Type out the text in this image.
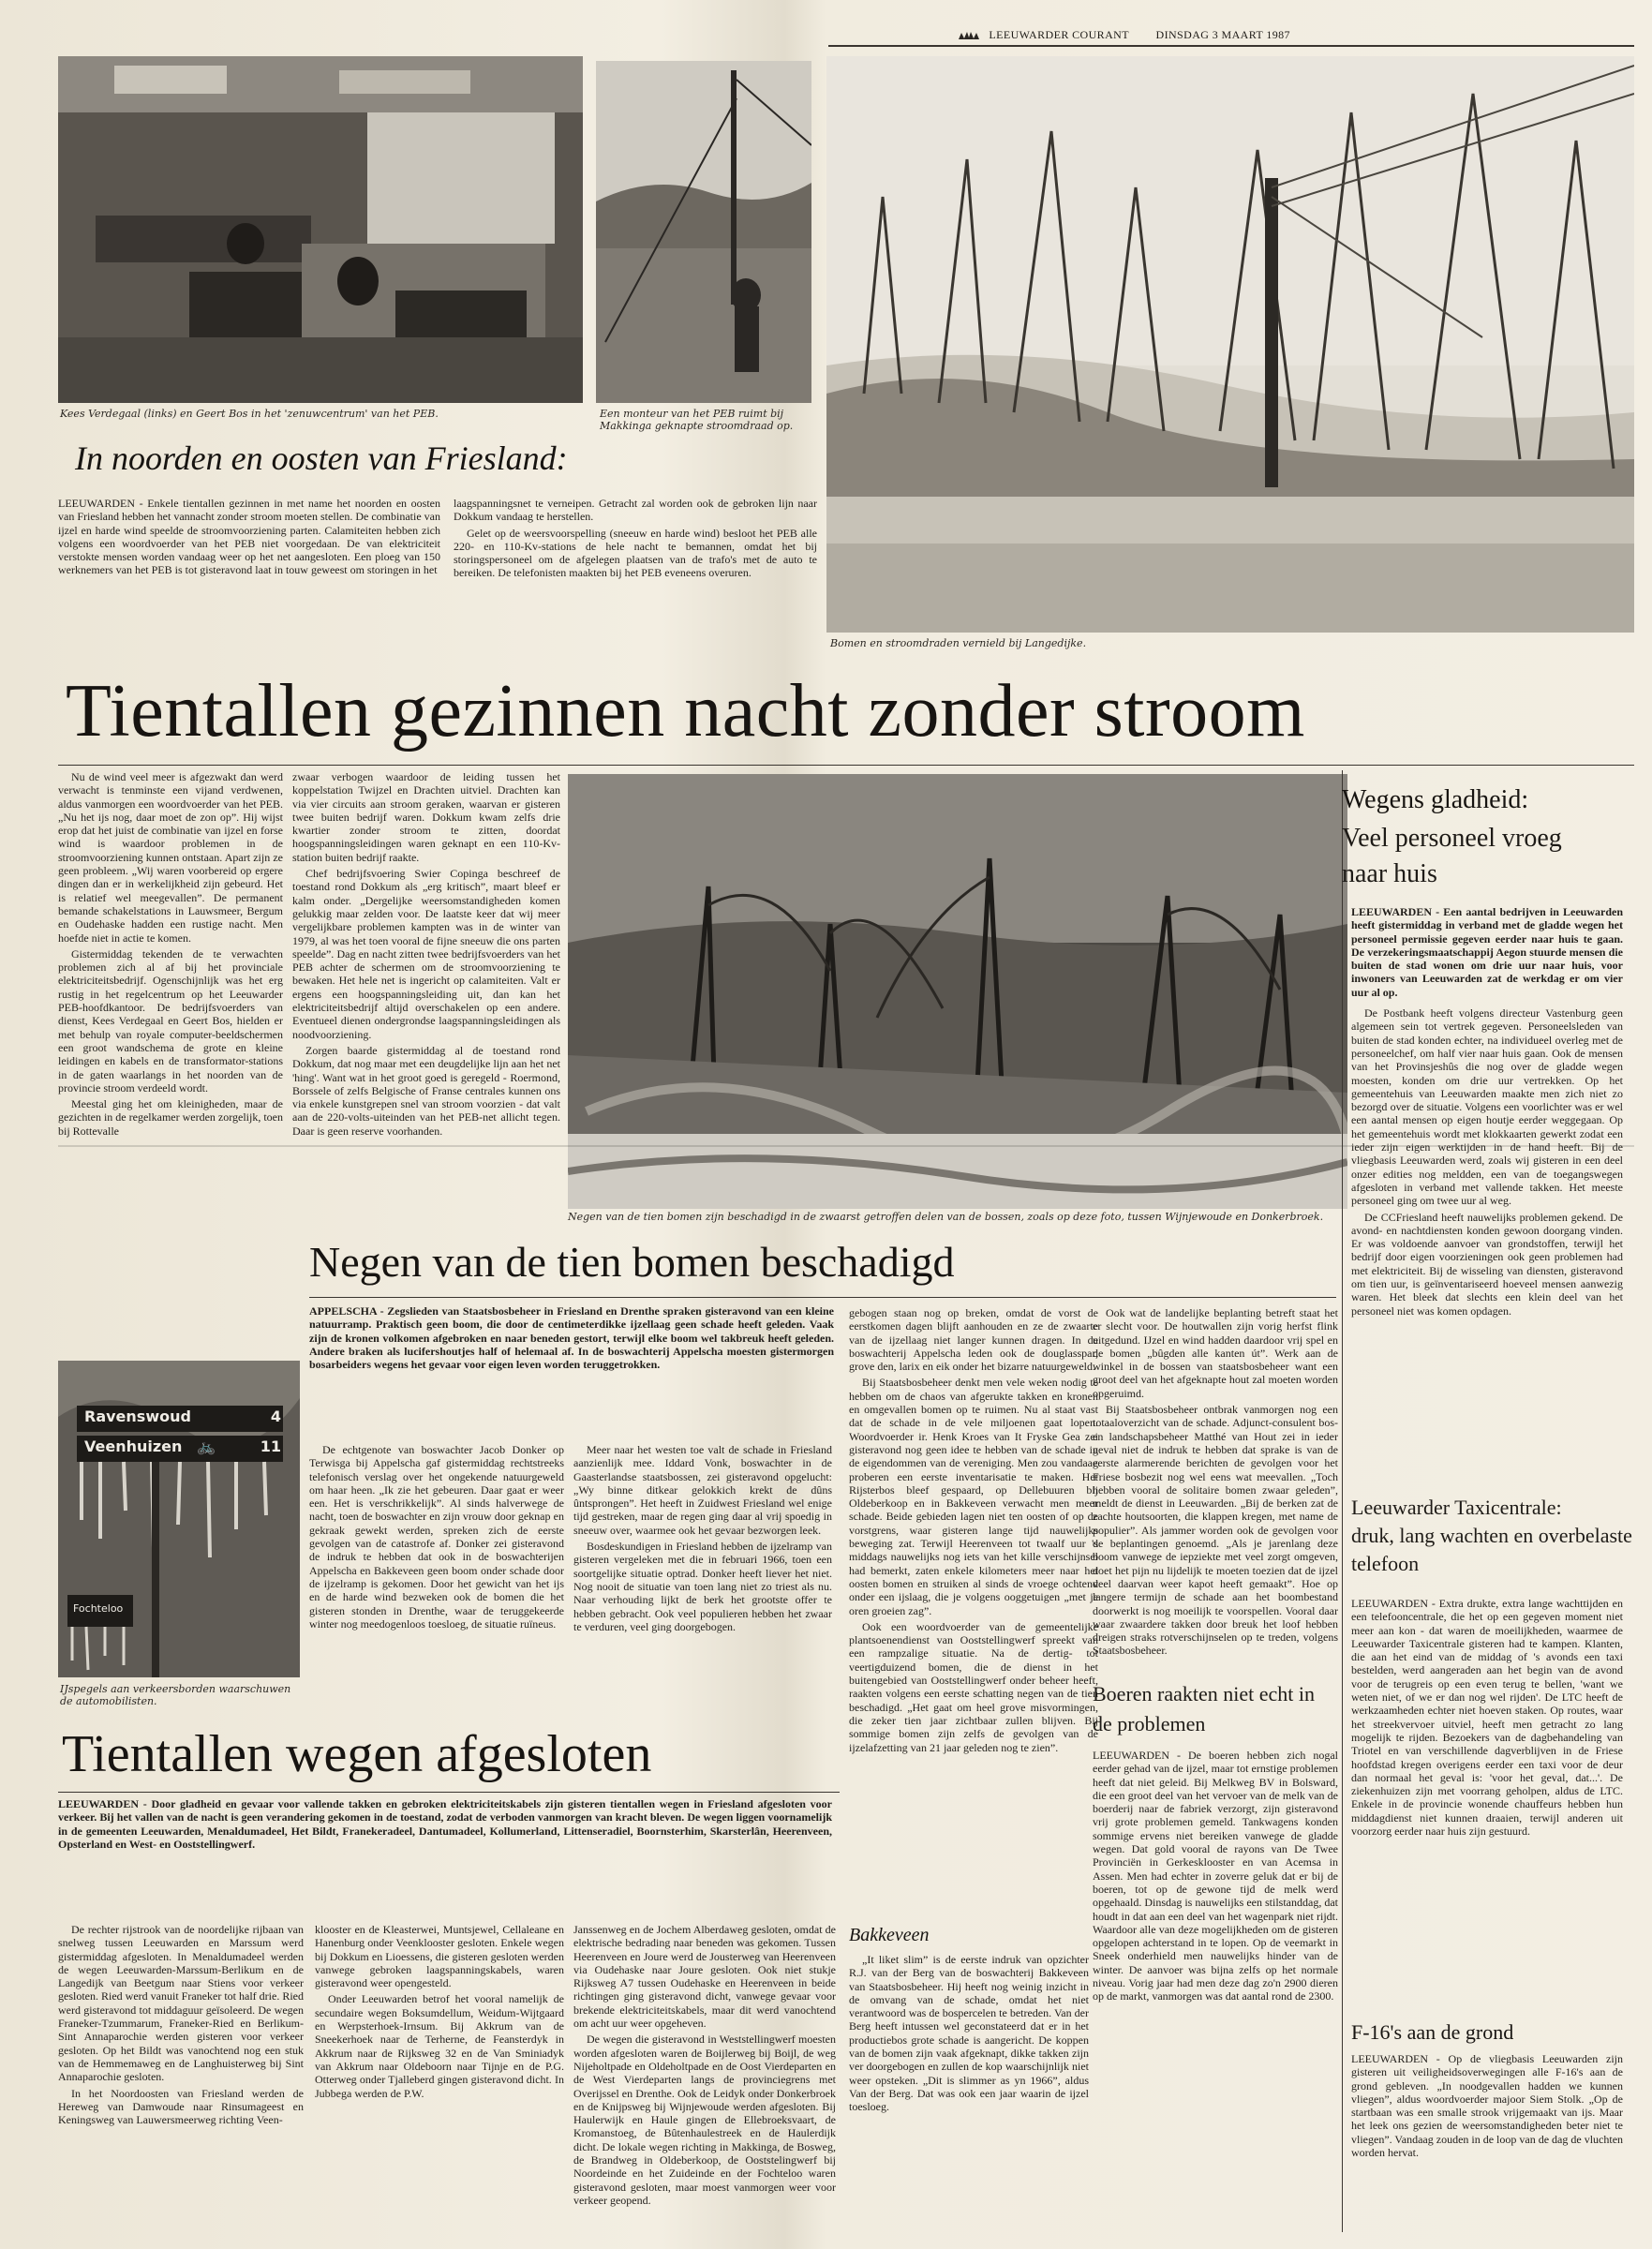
LEEUWARDER COURANT DINSDAG 3 MAART 1987
Kees Verdegaal (links) en Geert Bos in het 'zenuwcentrum' van het PEB.	Een monteur van het PEB ruimt bij Makkinga geknapte stroomdraad op.
Bomen en stroomdraden vernield bij Langedijke.
In noorden en oosten van Friesland:

LEEUWARDEN - Enkele tientallen gezinnen in met name het noorden en oosten van Friesland hebben het vannacht zonder stroom moeten stellen. De combinatie van ijzel en harde wind speelde de stroomvoorziening parten. Calamiteiten hebben zich volgens een woordvoerder van het PEB niet voorgedaan. De van elektriciteit verstokte mensen worden vandaag weer op het net aangesloten. Een ploeg van 150 werknemers van het PEB is tot gisteravond laat in touw geweest om storingen in het

laagspanningsnet te verneipen. Getracht zal worden ook de gebroken lijn naar Dokkum vandaag te herstellen.

Gelet op de weersvoorspelling (sneeuw en harde wind) besloot het PEB alle 220- en 110-Kv-stations de hele nacht te bemannen, omdat het bij storingspersoneel om de afgelegen plaatsen van de trafo's met de auto te bereiken. De telefonisten maakten bij het PEB eveneens overuren.

Tientallen gezinnen nacht zonder stroom

Nu de wind veel meer is afgezwakt dan werd verwacht is tenminste een vijand verdwenen, aldus vanmorgen een woordvoerder van het PEB. „Nu het ijs nog, daar moet de zon op”. Hij wijst erop dat het juist de combinatie van ijzel en forse wind is waardoor problemen in de stroomvoorziening kunnen ontstaan. Apart zijn ze geen probleem. „Wij waren voorbereid op ergere dingen dan er in werkelijkheid zijn gebeurd. Het is relatief wel meegevallen”. De permanent bemande schakelstations in Lauwsmeer, Bergum en Oudehaske hadden een rustige nacht. Men hoefde niet in actie te komen.

Gistermiddag tekenden de te verwachten problemen zich al af bij het provinciale elektriciteitsbedrijf. Ogenschijnlijk was het erg rustig in het regelcentrum op het Leeuwarder PEB-hoofdkantoor. De bedrijfsvoerders van dienst, Kees Verdegaal en Geert Bos, hielden er met behulp van royale computer-beeldschermen een groot wandschema de grote en kleine leidingen en kabels en de transformator-stations in de gaten waarlangs in het noorden van de provincie stroom verdeeld wordt.

Meestal ging het om kleinigheden, maar de gezichten in de regelkamer werden zorgelijk, toen bij Rottevalle

zwaar verbogen waardoor de leiding tussen het koppelstation Twijzel en Drachten uitviel. Drachten kan via vier circuits aan stroom geraken, waarvan er gisteren twee buiten bedrijf waren. Dokkum kwam zelfs drie kwartier zonder stroom te zitten, doordat hoogspanningsleidingen waren geknapt en een 110-Kv-station buiten bedrijf raakte.

Chef bedrijfsvoering Swier Copinga beschreef de toestand rond Dokkum als „erg kritisch”, maart bleef er kalm onder. „Dergelijke weersomstandigheden komen gelukkig maar zelden voor. De laatste keer dat wij meer vergelijkbare problemen kampten was in de winter van 1979, al was het toen vooral de fijne sneeuw die ons parten speelde”. Dag en nacht zitten twee bedrijfsvoerders van het PEB achter de schermen om de stroomvoorziening te bewaken. Het hele net is ingericht op calamiteiten. Valt er ergens een hoogspanningsleiding uit, dan kan het elektriciteitsbedrijf altijd overschakelen op een andere. Eventueel dienen ondergrondse laagspanningsleidingen als noodvoorziening.

Zorgen baarde gistermiddag al de toestand rond Dokkum, dat nog maar met een deugdelijke lijn aan het net 'hing'. Want wat in het groot goed is geregeld - Roermond, Borssele of zelfs Belgische of Franse centrales kunnen ons via enkele kunstgrepen snel van stroom voorzien - dat valt aan de 220-volts-uiteinden van het PEB-net allicht tegen. Daar is geen reserve voorhanden.

Negen van de tien bomen zijn beschadigd in de zwaarst getroffen delen van de bossen, zoals op deze foto, tussen Wijnjewoude en Donkerbroek.
Wegens gladheid:
Veel personeel vroeg naar huis

LEEUWARDEN - Een aantal bedrijven in Leeuwarden heeft gistermiddag in verband met de gladde wegen het personeel permissie gegeven eerder naar huis te gaan. De verzekeringsmaatschappij Aegon stuurde mensen die buiten de stad wonen om drie uur naar huis, voor inwoners van Leeuwarden zat de werkdag er om vier uur al op.

De Postbank heeft volgens directeur Vastenburg geen algemeen sein tot vertrek gegeven. Personeelsleden van buiten de stad konden echter, na individueel overleg met de personeelchef, om half vier naar huis gaan. Ook de mensen van het Provinsjeshûs die nog over de gladde wegen moesten, konden om drie uur vertrekken. Op het gemeentehuis van Leeuwarden maakte men zich niet zo bezorgd over de situatie. Volgens een voorlichter was er wel een aantal mensen op eigen houtje eerder weggegaan. Op het gemeentehuis wordt met klokkaarten gewerkt zodat een ieder zijn eigen werktijden in de hand heeft. Bij de vliegbasis Leeuwarden werd, zoals wij gisteren in een deel onzer edities nog meldden, een van de toegangswegen afgesloten in verband met vallende takken. Het meeste personeel ging om twee uur al weg.

De CCFriesland heeft nauwelijks problemen gekend. De avond- en nachtdiensten konden gewoon doorgang vinden. Er was voldoende aanvoer van grondstoffen, terwijl het bedrijf door eigen voorzieningen ook geen problemen had met elektriciteit. Bij de wisseling van diensten, gisteravond om tien uur, is geïnventariseerd hoeveel mensen aanwezig waren. Het bleek dat slechts een klein deel van het personeel niet was komen opdagen.

Leeuwarder Taxicentrale:
druk, lang wachten en overbelaste telefoon

LEEUWARDEN - Extra drukte, extra lange wachttijden en een telefooncentrale, die het op een gegeven moment niet meer aan kon - dat waren de moeilijkheden, waarmee de Leeuwarder Taxicentrale gisteren had te kampen. Klanten, die aan het eind van de middag of 's avonds een taxi bestelden, werd aangeraden aan het begin van de avond voor de terugreis op een even terug te bellen, 'want we weten niet, of we er dan nog wel rijden'. De LTC heeft de werkzaamheden echter niet hoeven staken. Op routes, waar het streekvervoer uitviel, heeft men getracht zo lang mogelijk te rijden. Bezoekers van de dagbehandeling van Triotel en van verschillende dagverblijven in de Friese hoofdstad kregen overigens eerder een taxi voor de deur dan normaal het geval is: 'voor het geval, dat...'. De ziekenhuizen zijn met voorrang geholpen, aldus de LTC. Enkele in de provincie wonende chauffeurs hebben hun middagdienst niet kunnen draaien, terwijl anderen uit voorzorg eerder naar huis zijn gestuurd.

F-16's aan de grond

LEEUWARDEN - Op de vliegbasis Leeuwarden zijn gisteren uit veiligheidsoverwegingen alle F-16's aan de grond gebleven. „In noodgevallen hadden we kunnen vliegen”, aldus woordvoerder majoor Siem Stolk. „Op de startbaan was een smalle strook vrijgemaakt van ijs. Maar het leek ons gezien de weersomstandigheden beter niet te vliegen”. Vandaag zouden in de loop van de dag de vluchten worden hervat.

Negen van de tien bomen beschadigd
Ravenswoud	4
Veenhuizen 🚲	11
Fochteloo
IJspegels aan verkeersborden waarschuwen de automobilisten.

APPELSCHA - Zegslieden van Staatsbosbeheer in Friesland en Drenthe spraken gisteravond van een kleine natuurramp. Praktisch geen boom, die door de centimeterdikke ijzellaag geen schade heeft geleden. Vaak zijn de kronen volkomen afgebroken en naar beneden gestort, terwijl elke boom wel takbreuk heeft geleden. Andere braken als lucifershoutjes half of helemaal af. In de boswachterij Appelscha moesten gistermorgen bosarbeiders wegens het gevaar voor eigen leven worden teruggetrokken.

De echtgenote van boswachter Jacob Donker op Terwisga bij Appelscha gaf gistermiddag rechtstreeks telefonisch verslag over het ongekende natuurgeweld om haar heen. „Ik zie het gebeuren. Daar gaat er weer een. Het is verschrikkelijk”. Al sinds halverwege de nacht, toen de boswachter en zijn vrouw door geknap en gekraak gewekt werden, spreken zich de eerste gevolgen van de catastrofe af. Donker zei gisteravond de indruk te hebben dat ook in de boswachterijen Appelscha en Bakkeveen geen boom onder schade door de ijzelramp is gekomen. Door het gewicht van het ijs en de harde wind bezweken ook de bomen die het gisteren stonden in Drenthe, waar de teruggekeerde winter nog meedogenloos toesloeg, de situatie ruïneus.

Meer naar het westen toe valt de schade in Friesland aanzienlijk mee. Iddard Vonk, boswachter in de Gaasterlandse staatsbossen, zei gisteravond opgelucht: „Wy binne ditkear gelokkich krekt de dûns ûntsprongen”. Het heeft in Zuidwest Friesland wel enige tijd gestreken, maar de regen ging daar al vrij spoedig in sneeuw over, waarmee ook het gevaar bezworgen leek.

Bosdeskundigen in Friesland hebben de ijzelramp van gisteren vergeleken met die in februari 1966, toen een soortgelijke situatie optrad. Donker heeft liever het niet. Nog nooit de situatie van toen lang niet zo triest als nu. Naar verhouding lijkt de berk het grootste offer te hebben gebracht. Ook veel populieren hebben het zwaar te verduren, veel ging doorgebogen.

gebogen staan nog op breken, omdat de vorst de eerstkomen dagen blijft aanhouden en ze de zwaarte van de ijzellaag niet langer kunnen dragen. In de boswachterij Appelscha leden ook de douglasspar, grove den, larix en eik onder het bizarre natuurgeweld.

Bij Staatsbosbeheer denkt men vele weken nodig te hebben om de chaos van afgerukte takken en kronen en omgevallen bomen op te ruimen. Nu al staat vast dat de schade in de vele miljoenen gaat lopen. Woordvoerder ir. Henk Kroes van It Fryske Gea zei gisteravond nog geen idee te hebben van de schade in de eigendommen van de vereniging. Men zou vandaag proberen een eerste inventarisatie te maken. Het Rijsterbos bleef gespaard, op Dellebuuren bij Oldeberkoop en in Bakkeveen verwacht men meer schade. Beide gebieden lagen niet ten oosten of op de vorstgrens, waar gisteren lange tijd nauwelijks beweging zat. Terwijl Heerenveen tot twaalf uur 's middags nauwelijks nog iets van het kille verschijnsel had bemerkt, zaten enkele kilometers meer naar het oosten bomen en struiken al sinds de vroege ochtend onder een ijslaag, die je volgens ooggetuigen „met je oren groeien zag”.

Ook een woordvoerder van de gemeentelijke plantsoenendienst van Ooststellingwerf spreekt van een rampzalige situatie. Na de dertig- tot veertigduizend bomen, die de dienst in het buitengebied van Ooststellingwerf onder beheer heeft, raakten volgens een eerste schatting negen van de tien beschadigd. „Het gaat om heel grove misvormingen, die zeker tien jaar zichtbaar zullen blijven. Bij sommige bomen zijn zelfs de gevolgen van de ijzelafzetting van 21 jaar geleden nog te zien”.

Ook wat de landelijke beplanting betreft staat het er slecht voor. De houtwallen zijn vorig herfst flink uitgedund. IJzel en wind hadden daardoor vrij spel en de bomen „bûgden alle kanten út”. Werk aan de winkel in de bossen van staatsbosbeheer want een groot deel van het afgeknapte hout zal moeten worden opgeruimd.

Bij Staatsbosbeheer ontbrak vanmorgen nog een totaaloverzicht van de schade. Adjunct-consulent bos- en landschapsbeheer Matthé van Hout zei in ieder geval niet de indruk te hebben dat sprake is van de eerste alarmerende berichten de gevolgen voor het Friese bosbezit nog wel eens wat meevallen. „Toch hebben vooral de solitaire bomen zwaar geleden”, meldt de dienst in Leeuwarden. „Bij de berken zat de zachte houtsoorten, die klappen kregen, met name de populier”. Als jammer worden ook de gevolgen voor de beplantingen genoemd. „Als je jarenlang deze boom vanwege de iepziekte met veel zorgt omgeven, doet het pijn nu lijdelijk te moeten toezien dat de ijzel veel daarvan weer kapot heeft gemaakt”. Hoe op langere termijn de schade aan het boombestand doorwerkt is nog moeilijk te voorspellen. Vooral daar waar zwaardere takken door breuk het loof hebben dreigen straks rotverschijnselen op te treden, volgens Staatsbosbeheer.

Bakkeveen

„It liket slim” is de eerste indruk van opzichter R.J. van der Berg van de boswachterij Bakkeveen van Staatsbosbeheer. Hij heeft nog weinig inzicht in de omvang van de schade, omdat het niet verantwoord was de bospercelen te betreden. Van der Berg heeft intussen wel geconstateerd dat er in het productiebos grote schade is aangericht. De koppen van de bomen zijn vaak afgeknapt, dikke takken zijn ver doorgebogen en zullen de kop waarschijnlijk niet weer opsteken. „Dit is slimmer as yn 1966”, aldus Van der Berg. Dat was ook een jaar waarin de ijzel toesloeg.

Boeren raakten niet echt in de problemen

LEEUWARDEN - De boeren hebben zich nogal eerder gehad van de ijzel, maar tot ernstige problemen heeft dat niet geleid. Bij Melkweg BV in Bolsward, die een groot deel van het vervoer van de melk van de boerderij naar de fabriek verzorgt, zijn gisteravond vrij grote problemen gemeld. Tankwagens konden sommige ervens niet bereiken vanwege de gladde wegen. Dat gold vooral de rayons van De Twee Provinciën in Gerkesklooster en van Acemsa in Assen. Men had echter in zoverre geluk dat er bij de boeren, tot op de gewone tijd de melk werd opgehaald. Dinsdag is nauwelijks een stilstanddag, dat houdt in dat aan een deel van het wagenpark niet rijdt. Waardoor alle van deze mogelijkheden om de gisteren opgelopen achterstand in te lopen. Op de veemarkt in Sneek onderhield men nauwelijks hinder van de winter. De aanvoer was bijna zelfs op het normale niveau. Vorig jaar had men deze dag zo'n 2900 dieren op de markt, vanmorgen was dat aantal rond de 2300.

Tientallen wegen afgesloten

LEEUWARDEN - Door gladheid en gevaar voor vallende takken en gebroken elektriciteitskabels zijn gisteren tientallen wegen in Friesland afgesloten voor verkeer. Bij het vallen van de nacht is geen verandering gekomen in de toestand, zodat de verboden vanmorgen van kracht bleven. De wegen liggen voornamelijk in de gemeenten Leeuwarden, Menaldumadeel, Het Bildt, Franekeradeel, Dantumadeel, Kollumerland, Littenseradiel, Boornsterhim, Skarsterlân, Heerenveen, Opsterland en West- en Ooststellingwerf.

De rechter rijstrook van de noordelijke rijbaan van snelweg tussen Leeuwarden en Marssum werd gistermiddag afgesloten. In Menaldumadeel werden de wegen Leeuwarden-Marssum-Berlikum en de Langedijk van Beetgum naar Stiens voor verkeer gesloten. Ried werd vanuit Franeker tot half drie. Ried werd gisteravond tot middaguur geïsoleerd. De wegen Franeker-Tzummarum, Franeker-Ried en Berlikum-Sint Annaparochie werden gisteren voor verkeer gesloten. Op het Bildt was vanochtend nog een stuk van de Hemmemaweg en de Langhuisterweg bij Sint Annaparochie gesloten.

In het Noordoosten van Friesland werden de Hereweg van Damwoude naar Rinsumageest en Keningsweg van Lauwersmeerweg richting Veen-

klooster en de Kleasterwei, Muntsjewel, Cellaleane en Hanenburg onder Veenklooster gesloten. Enkele wegen bij Dokkum en Lioessens, die gisteren gesloten werden vanwege gebroken laagspanningskabels, waren gisteravond weer opengesteld.

Onder Leeuwarden betrof het vooral namelijk de secundaire wegen Boksumdellum, Weidum-Wijtgaard en Werpsterhoek-Irnsum. Bij Akkrum van de Sneekerhoek naar de Terherne, de Feansterdyk in Akkrum naar de Rijksweg 32 en de Van Sminiadyk van Akkrum naar Oldeboorn naar Tijnje en de P.G. Otterweg onder Tjalleberd gingen gisteravond dicht. In Jubbega werden de P.W.

Janssenweg en de Jochem Alberdaweg gesloten, omdat de elektrische bedrading naar beneden was gekomen. Tussen Heerenveen en Joure werd de Jousterweg van Heerenveen via Oudehaske naar Joure gesloten. Ook niet stukje Rijksweg A7 tussen Oudehaske en Heerenveen in beide richtingen ging gisteravond dicht, vanwege gevaar voor brekende elektriciteitskabels, maar dit werd vanochtend om acht uur weer opgeheven.

De wegen die gisteravond in Weststellingwerf moesten worden afgesloten waren de Boijlerweg bij Boijl, de weg Nijeholtpade en Oldeholtpade en de Oost Vierdeparten en de West Vierdeparten langs de provinciegrens met Overijssel en Drenthe. Ook de Leidyk onder Donkerbroek en de Knijpsweg bij Wijnjewoude werden afgesloten. Bij Haulerwijk en Haule gingen de Ellebroeksvaart, de Kromanstoeg, de Bûtenhaulestreek en de Haulerdijk dicht. De lokale wegen richting in Makkinga, de Bosweg, de Brandweg in Oldeberkoop, de Ooststelingwerf bij Noordeinde en het Zuideinde en der Fochteloo waren gisteravond gesloten, maar moest vanmorgen weer voor verkeer geopend.
